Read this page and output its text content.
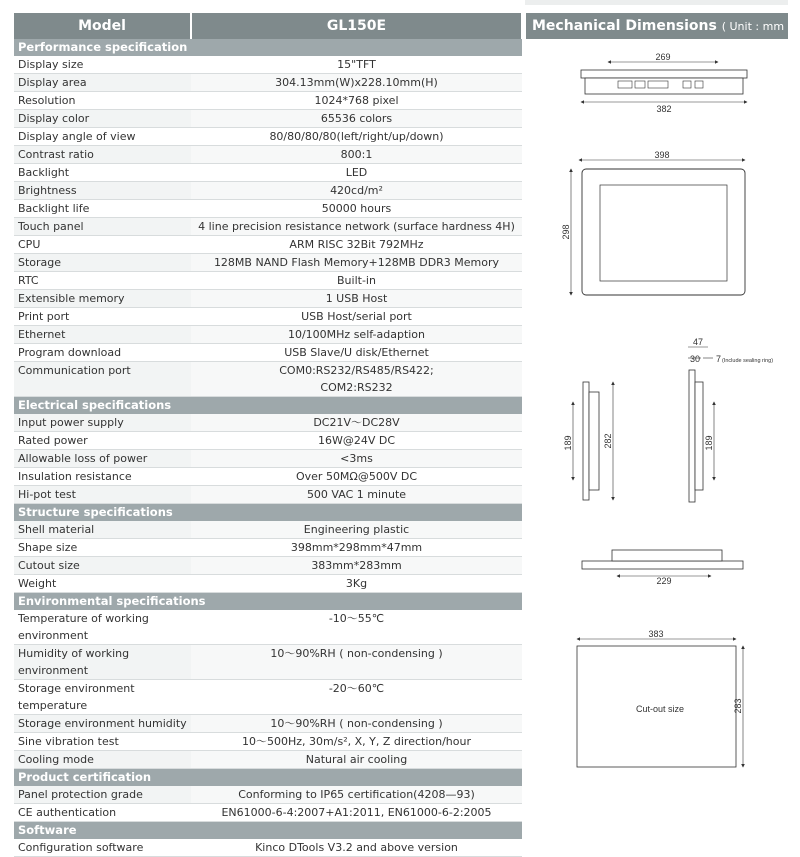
Model	GL150E
Performance specification	

Display size	15"TFT

Display area	304.13mm(W)x228.10mm(H)

Resolution	1024*768 pixel

Display color	65536 colors

Display angle of view	80/80/80/80(left/right/up/down)

Contrast ratio	800:1

Backlight	LED

Brightness	420cd/m²

Backlight life	50000 hours

Touch panel	4 line precision resistance network (surface hardness 4H)

CPU	ARM RISC 32Bit 792MHz

Storage	128MB NAND Flash Memory+128MB DDR3 Memory

RTC	Built-in

Extensible memory	1 USB Host

Print port	USB Host/serial port

Ethernet	10/100MHz self-adaption

Program download	USB Slave/U disk/Ethernet

Communication port	COM0:RS232/RS485/RS422;
COM2:RS232

Electrical specifications	

Input power supply	DC21V～DC28V

Rated power	16W@24V DC

Allowable loss of power	<3ms

Insulation resistance	Over 50MΩ@500V DC

Hi-pot test	500 VAC 1 minute

Structure specifications	

Shell material	Engineering plastic

Shape size	398mm*298mm*47mm

Cutout size	383mm*283mm

Weight	3Kg

Environmental specifications	

Temperature of working
environment	-10～55℃

Humidity of working
environment	10～90%RH ( non-condensing )

Storage environment
temperature	-20～60℃

Storage environment humidity	10～90%RH ( non-condensing )

Sine vibration test	10～500Hz, 30m/s², X, Y, Z direction/hour

Cooling mode	Natural air cooling

Product certification	

Panel protection grade	Conforming to IP65 certification(4208—93)

CE authentication	EN61000-6-4:2007+A1:2011, EN61000-6-2:2005

Software	

Configuration software	Kinco DTools V3.2 and above version
Mechanical Dimensions ( Unit : mm )
269
382
398
298
189	282
47
30 7 (Include sealing ring)
189
229
383
Cut-out size	283
